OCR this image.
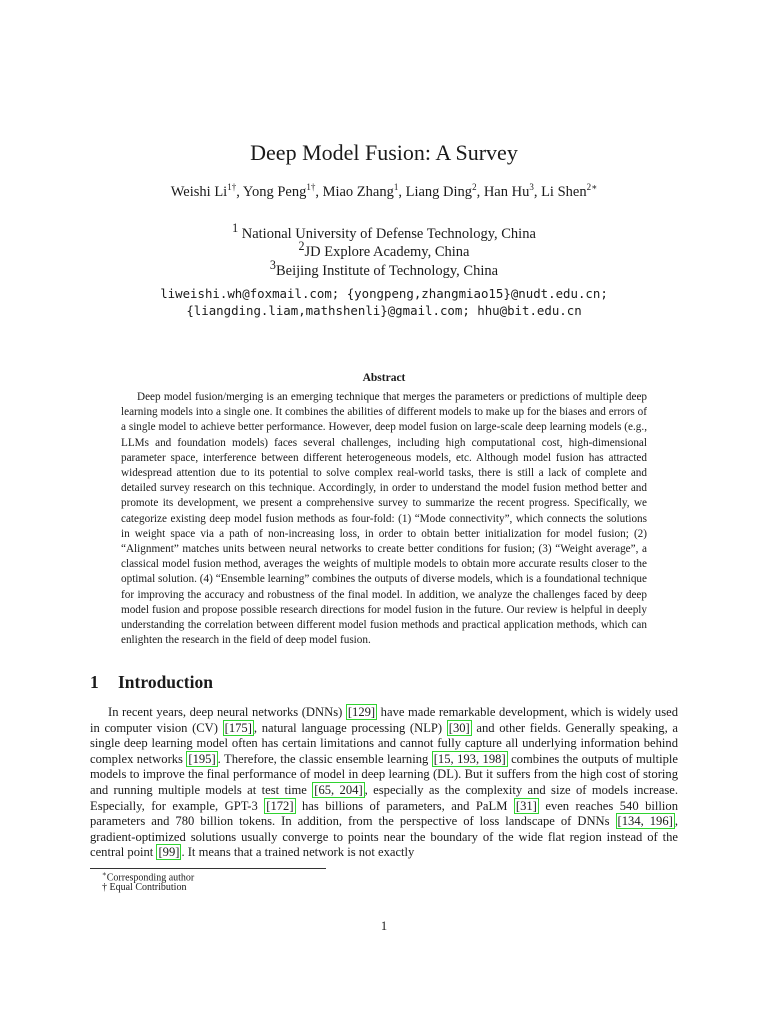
Deep Model Fusion: A Survey
Weishi $Li^{1\dagger}$, Yong Peng$^{1\dagger}$, Miao Zhang$^1$, Liang Ding$^2$, Han Hu$^3$, Li Shen$^{2∗}$
$^1$ National University of Defense Technology, China
$^2$JD Explore Academy, China
$^3$Beijing Institute of Technology, China
liweishi.wh@foxmail.com; {yongpeng,zhangmiao15}@nudt.edu.cn;
{liangding.liam,mathshenli}@gmail.com; hhu@bit.edu.cn
Abstract

Deep model fusion/merging is an emerging technique that merges the parameters or predictions of multiple deep learning models into a single one. It combines the abilities of different models to make up for the biases and errors of a single model to achieve better performance. However, deep model fusion on large-scale deep learning models (e.g., LLMs and foundation models) faces several challenges, including high computational cost, high-dimensional parameter space, interference between different heterogeneous models, etc. Although model fusion has attracted widespread attention due to its potential to solve complex real-world tasks, there is still a lack of complete and detailed survey research on this technique. Accordingly, in order to understand the model fusion method better and promote its development, we present a comprehensive survey to summarize the recent progress. Specifically, we categorize existing deep model fusion methods as four-fold: (1) “Mode connectivity”, which connects the solutions in weight space via a path of non-increasing loss, in order to obtain better initialization for model fusion; (2) “Alignment” matches units between neural networks to create better conditions for fusion; (3) “Weight average”, a classical model fusion method, averages the weights of multiple models to obtain more accurate results closer to the optimal solution. (4) “Ensemble learning” combines the outputs of diverse models, which is a foundational technique for improving the accuracy and robustness of the final model. In addition, we analyze the challenges faced by deep model fusion and propose possible research directions for model fusion in the future. Our review is helpful in deeply understanding the correlation between different model fusion methods and practical application methods, which can enlighten the research in the field of deep model fusion.

1 Introduction

In recent years, deep neural networks (DNNs) [129] have made remarkable development, which is widely used in computer vision (CV) [175] , natural language processing (NLP) [30] and other fields. Generally speaking, a single deep learning model often has certain limitations and cannot fully capture all underlying information behind complex networks [195] . Therefore, the classic ensemble learning [15, 193, 198] combines the outputs of multiple models to improve the final performance of model in deep learning (DL). But it suffers from the high cost of storing and running multiple models at test time [65, 204] , especially as the complexity and size of models increase. Especially, for example, GPT-3 [172] has billions of parameters, and PaLM [31] even reaches 540 billion parameters and 780 billion tokens. In addition, from the perspective of loss landscape of DNNs [134, 196] , gradient-optimized solutions usually converge to points near the boundary of the wide flat region instead of the central point [99] . It means that a trained network is not exactly

∗Corresponding author
† Equal Contribution
1
